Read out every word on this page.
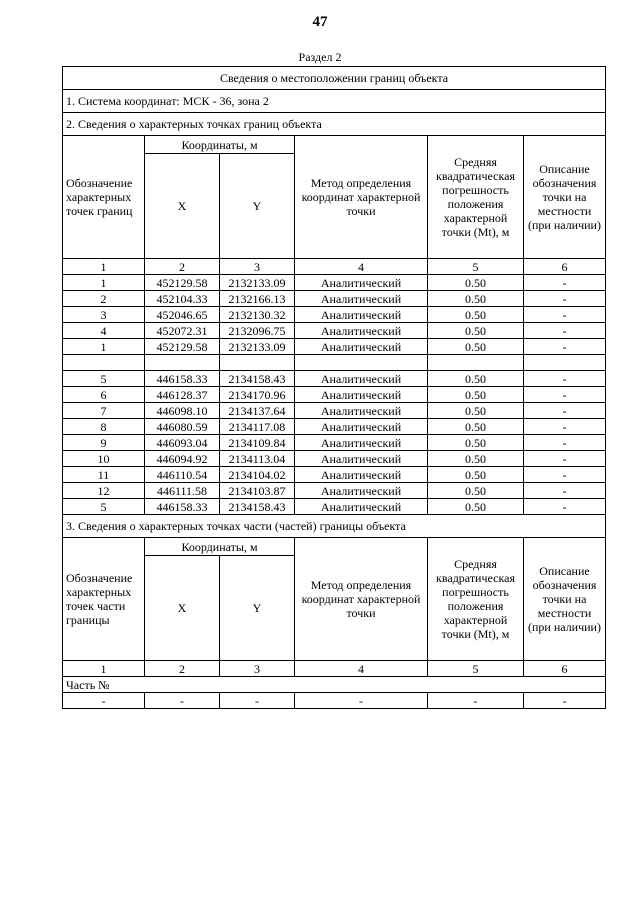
47
Раздел 2
Сведения о местоположении границ объекта					
1. Система координат: МСК - 36, зона 2					
2. Сведения о характерных точках границ объекта					
Обозначение характерных точек границ	Координаты, м		Метод определения координат характерной точки	Средняя квадратическая погрешность положения характерной точки (Mt), м	Описание обозначения точки на местности (при наличии)
	X	Y			
1	2	3	4	5	6
1	452129.58	2132133.09	Аналитический	0.50	-
2	452104.33	2132166.13	Аналитический	0.50	-
3	452046.65	2132130.32	Аналитический	0.50	-
4	452072.31	2132096.75	Аналитический	0.50	-
1	452129.58	2132133.09	Аналитический	0.50	-

5	446158.33	2134158.43	Аналитический	0.50	-
6	446128.37	2134170.96	Аналитический	0.50	-
7	446098.10	2134137.64	Аналитический	0.50	-
8	446080.59	2134117.08	Аналитический	0.50	-
9	446093.04	2134109.84	Аналитический	0.50	-
10	446094.92	2134113.04	Аналитический	0.50	-
11	446110.54	2134104.02	Аналитический	0.50	-
12	446111.58	2134103.87	Аналитический	0.50	-
5	446158.33	2134158.43	Аналитический	0.50	-
3. Сведения о характерных точках части (частей) границы объекта					
Обозначение характерных точек части границы	Координаты, м		Метод определения координат характерной точки	Средняя квадратическая погрешность положения характерной точки (Mt), м	Описание обозначения точки на местности (при наличии)
	X	Y			
1	2	3	4	5	6
Часть №					
-	-	-	-	-	-
